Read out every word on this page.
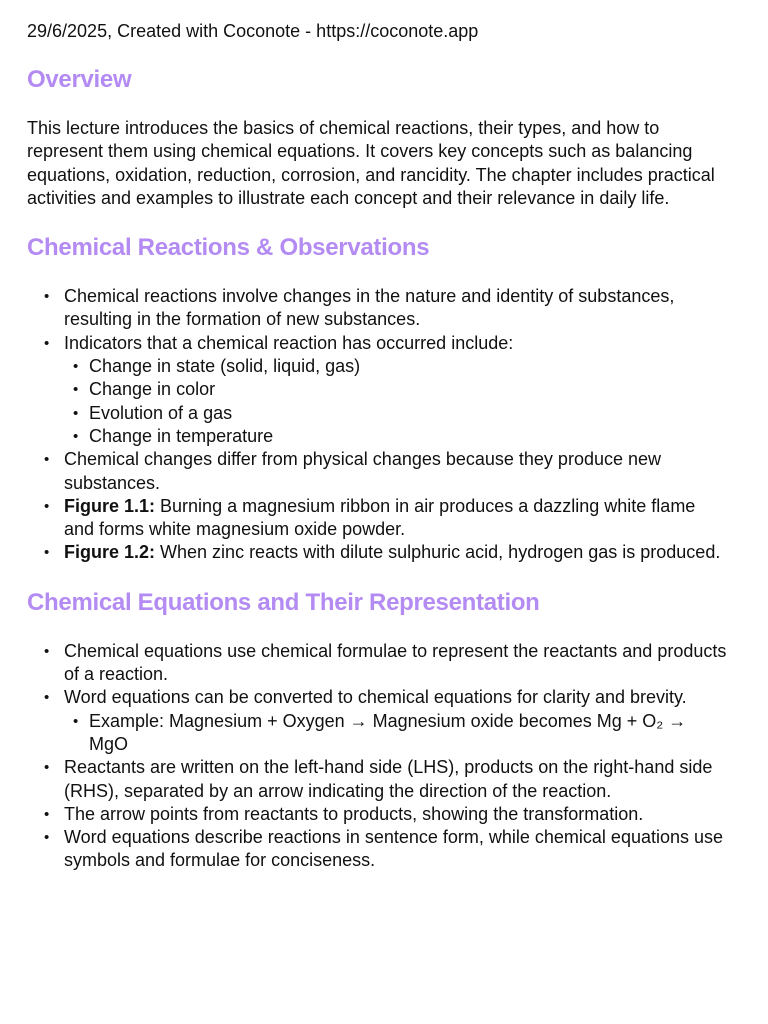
29/6/2025, Created with Coconote - https://coconote.app
Overview

This lecture introduces the basics of chemical reactions, their types, and how to represent them using chemical equations. It covers key concepts such as balancing equations, oxidation, reduction, corrosion, and rancidity. The chapter includes practical activities and examples to illustrate each concept and their relevance in daily life.

Chemical Reactions & Observations
• Chemical reactions involve changes in the nature and identity of substances, resulting in the formation of new substances.
• Indicators that a chemical reaction has occurred include:
• Change in state (solid, liquid, gas)
• Change in color
• Evolution of a gas
• Change in temperature
• Chemical changes differ from physical changes because they produce new substances.
• Figure 1.1: Burning a magnesium ribbon in air produces a dazzling white flame and forms white magnesium oxide powder.
• Figure 1.2: When zinc reacts with dilute sulphuric acid, hydrogen gas is produced.
Chemical Equations and Their Representation
• Chemical equations use chemical formulae to represent the reactants and products of a reaction.
• Word equations can be converted to chemical equations for clarity and brevity.
• Example: Magnesium + Oxygen → Magnesium oxide becomes Mg + O₂ → MgO
• Reactants are written on the left-hand side (LHS), products on the right-hand side (RHS), separated by an arrow indicating the direction of the reaction.
• The arrow points from reactants to products, showing the transformation.
• Word equations describe reactions in sentence form, while chemical equations use symbols and formulae for conciseness.
